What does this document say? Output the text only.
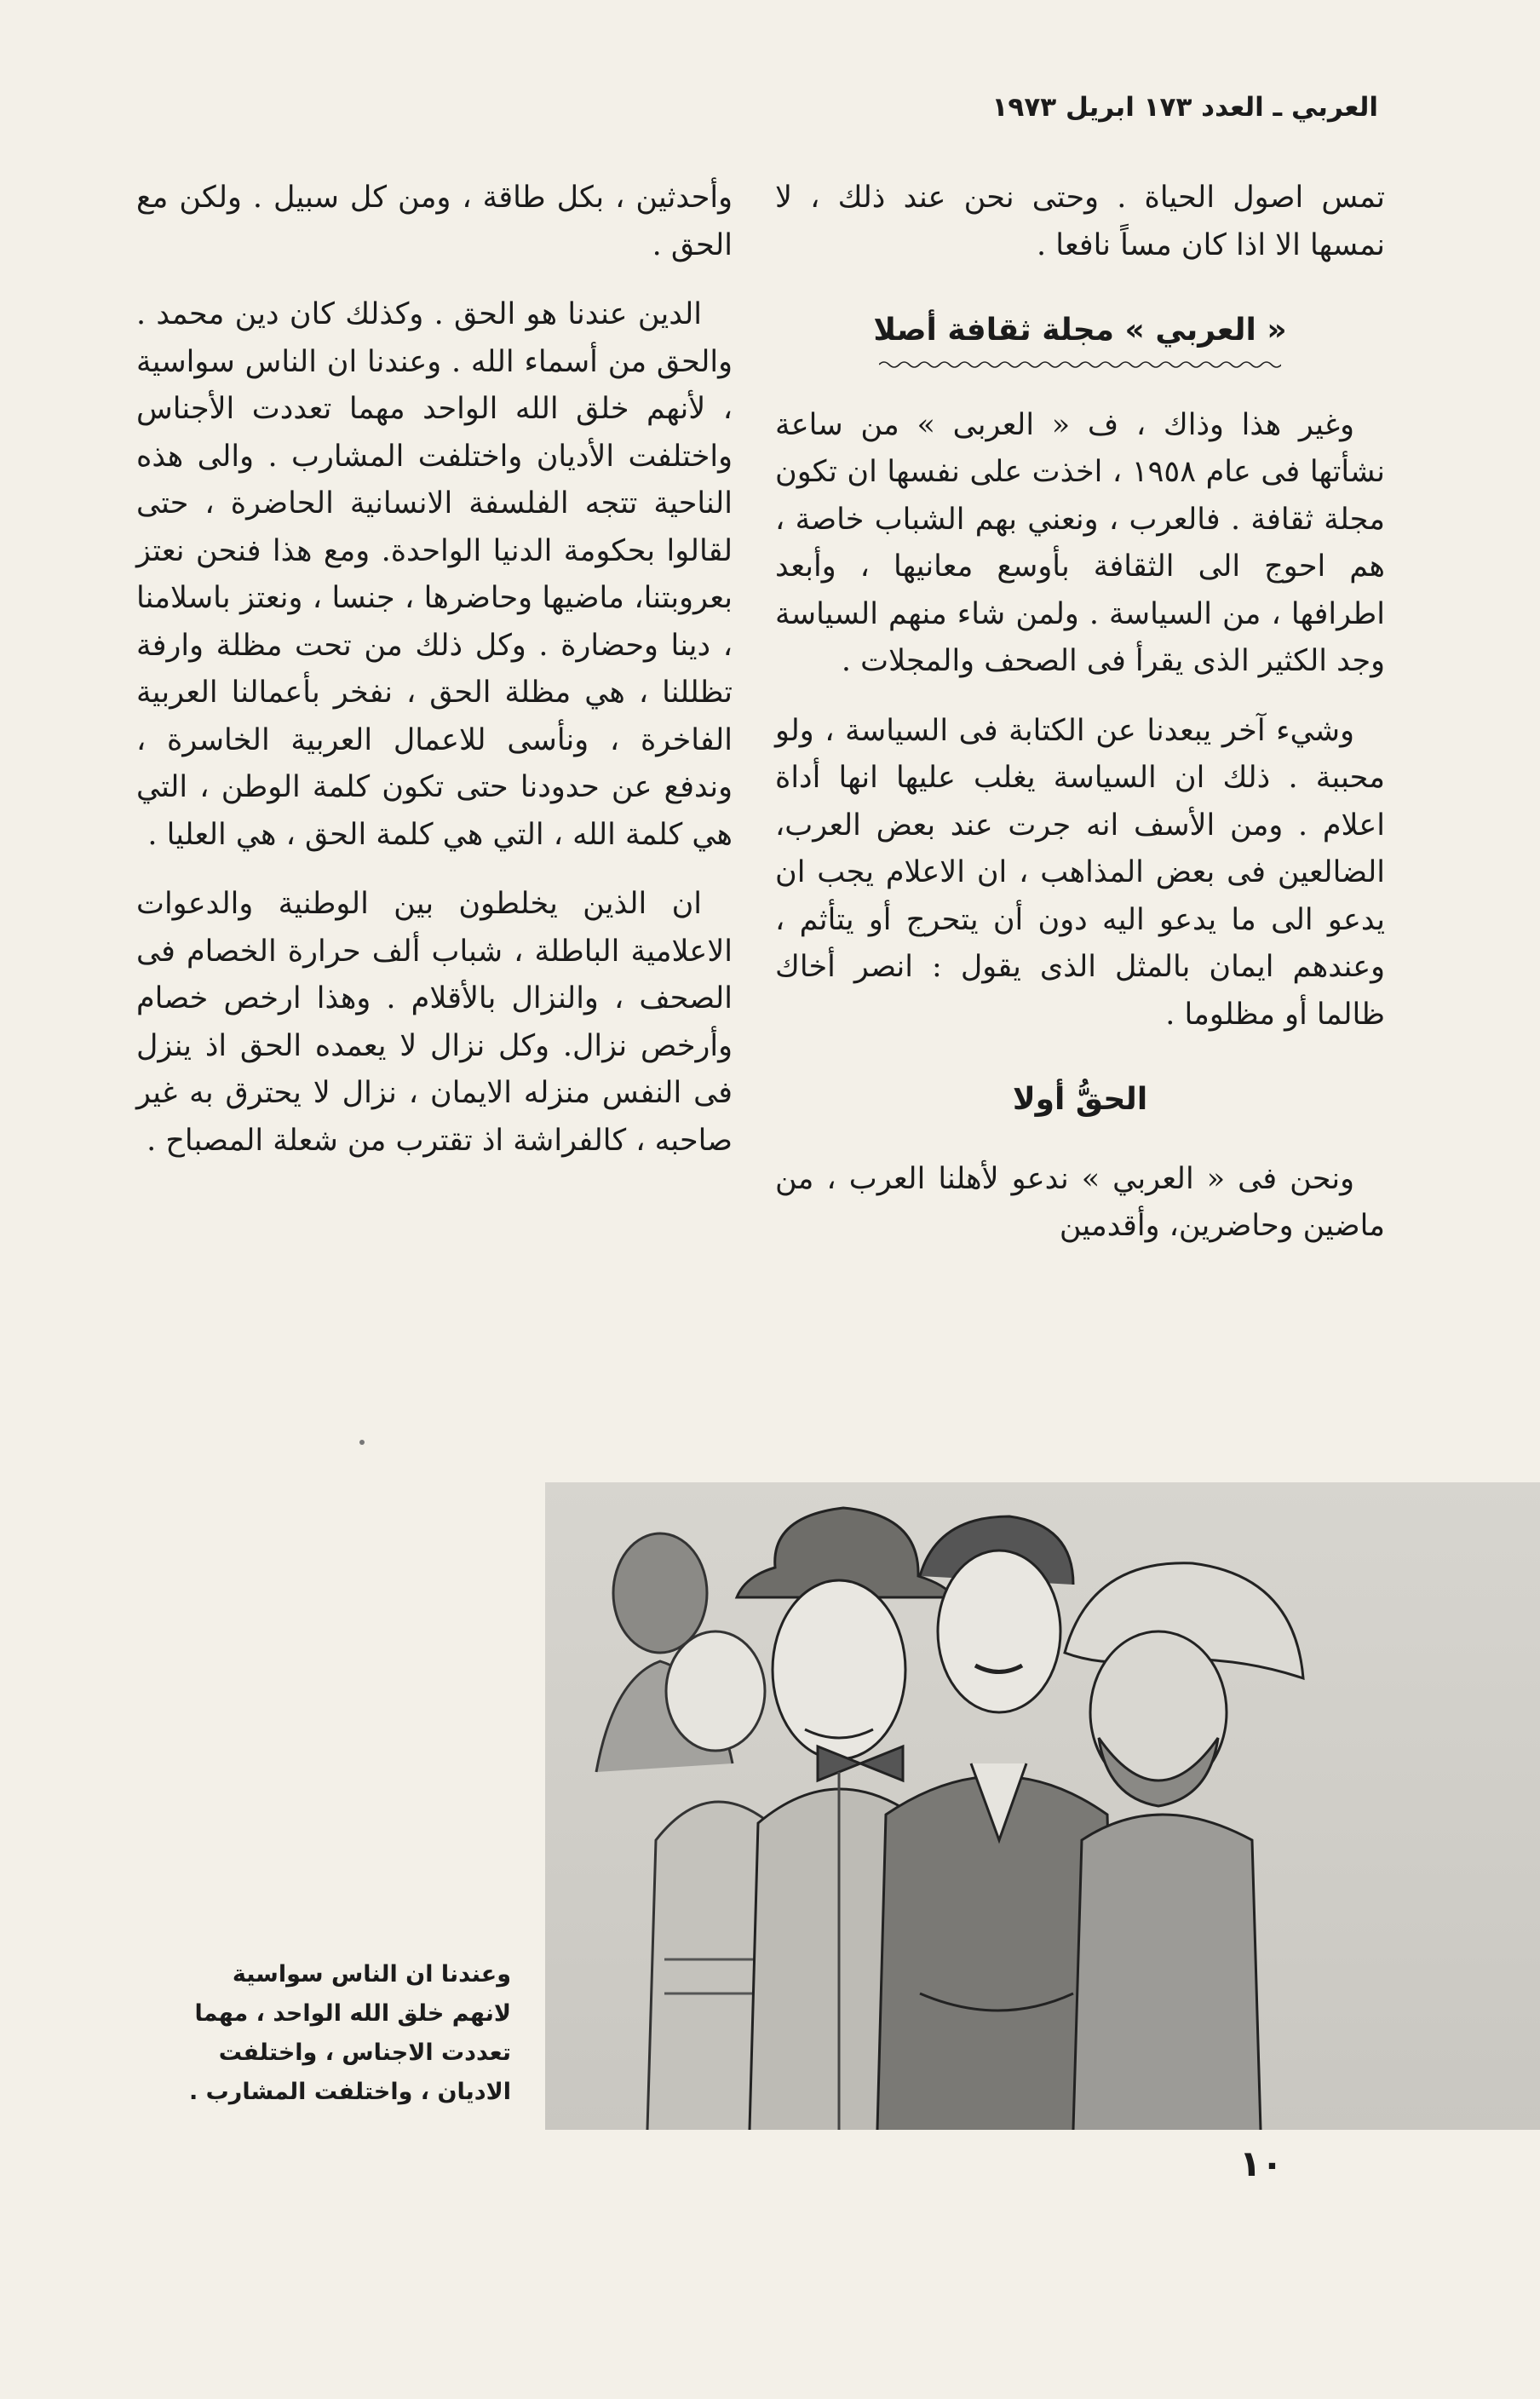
العربي ـ العدد ١٧٣ ابريل ١٩٧٣

تمس اصول الحياة . وحتى نحن عند ذلك ، لا نمسها الا اذا كان مساً نافعا .

« العربي » مجلة ثقافة أصلا

وغير هذا وذاك ، ف « العربى » من ساعة نشأتها فى عام ١٩٥٨ ، اخذت على نفسها ان تكون مجلة ثقافة . فالعرب ، ونعني بهم الشباب خاصة ، هم احوج الى الثقافة بأوسع معانيها ، وأبعد اطرافها ، من السياسة . ولمن شاء منهم السياسة وجد الكثير الذى يقرأ فى الصحف والمجلات .

وشيء آخر يبعدنا عن الكتابة فى السياسة ، ولو محببة . ذلك ان السياسة يغلب عليها انها أداة اعلام . ومن الأسف انه جرت عند بعض العرب، الضالعين فى بعض المذاهب ، ان الاعلام يجب ان يدعو الى ما يدعو اليه دون أن يتحرج أو يتأثم ، وعندهم ايمان بالمثل الذى يقول : انصر أخاك ظالما أو مظلوما .

الحقُّ أولا

ونحن فى « العربي » ندعو لأهلنا العرب ، من ماضين وحاضرين، وأقدمين

وأحدثين ، بكل طاقة ، ومن كل سبيل . ولكن مع الحق .

الدين عندنا هو الحق . وكذلك كان دين محمد . والحق من أسماء الله . وعندنا ان الناس سواسية ، لأنهم خلق الله الواحد مهما تعددت الأجناس واختلفت الأديان واختلفت المشارب . والى هذه الناحية تتجه الفلسفة الانسانية الحاضرة ، حتى لقالوا بحكومة الدنيا الواحدة. ومع هذا فنحن نعتز بعروبتنا، ماضيها وحاضرها ، جنسا ، ونعتز باسلامنا ، دينا وحضارة . وكل ذلك من تحت مظلة وارفة تظللنا ، هي مظلة الحق ، نفخر بأعمالنا العربية الفاخرة ، ونأسى للاعمال العربية الخاسرة ، وندفع عن حدودنا حتى تكون كلمة الوطن ، التي هي كلمة الله ، التي هي كلمة الحق ، هي العليا .

ان الذين يخلطون بين الوطنية والدعوات الاعلامية الباطلة ، شباب ألف حرارة الخصام فى الصحف ، والنزال بالأقلام . وهذا ارخص خصام وأرخص نزال. وكل نزال لا يعمده الحق اذ ينزل فى النفس منزله الايمان ، نزال لا يحترق به غير صاحبه ، كالفراشة اذ تقترب من شعلة المصباح .

وعندنا ان الناس سواسية
لانهم خلق الله الواحد ، مهما
تعددت الاجناس ، واختلفت
الاديان ، واختلفت المشارب .
١٠
